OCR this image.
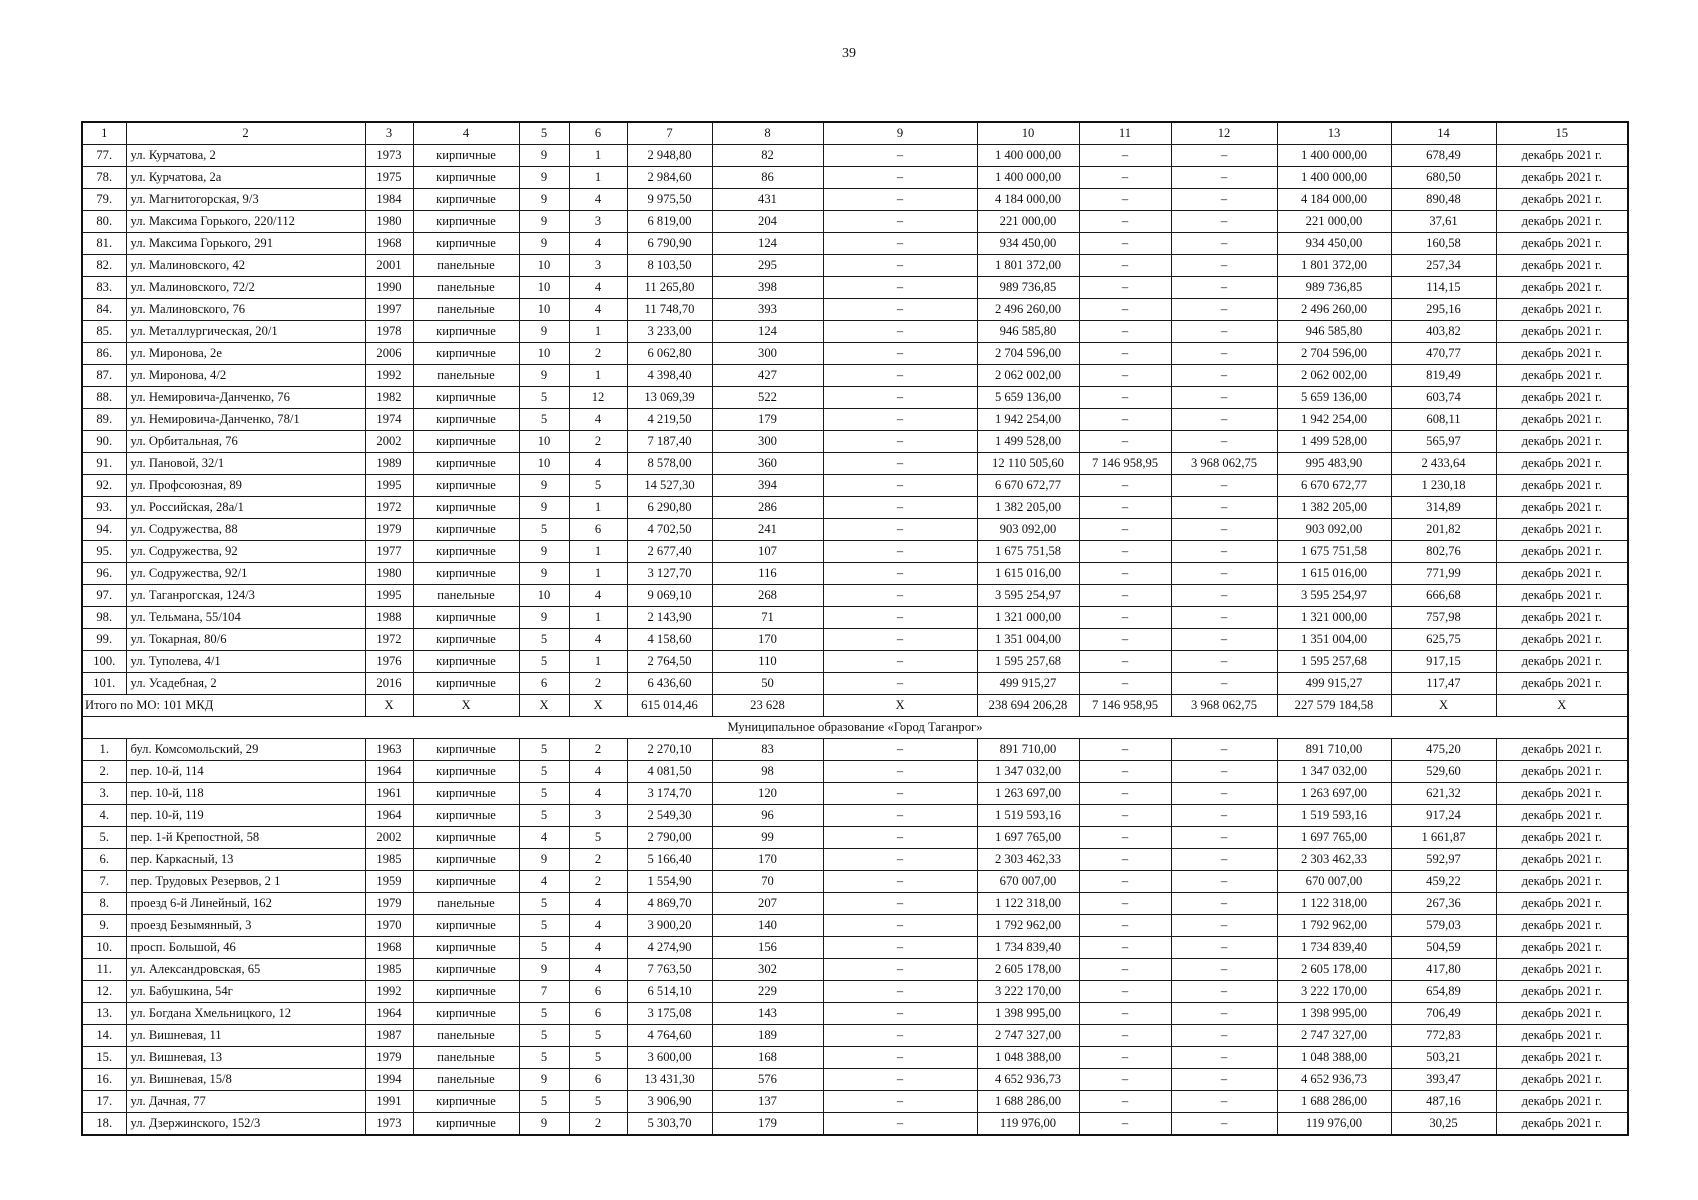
39
1	2	3	4	5	6	7	8	9	10	11	12	13	14	15
77.	ул. Курчатова, 2	1973	кирпичные	9	1	2 948,80	82	–	1 400 000,00	–	–	1 400 000,00	678,49	декабрь 2021 г.
78.	ул. Курчатова, 2а	1975	кирпичные	9	1	2 984,60	86	–	1 400 000,00	–	–	1 400 000,00	680,50	декабрь 2021 г.
79.	ул. Магнитогорская, 9/3	1984	кирпичные	9	4	9 975,50	431	–	4 184 000,00	–	–	4 184 000,00	890,48	декабрь 2021 г.
80.	ул. Максима Горького, 220/112	1980	кирпичные	9	3	6 819,00	204	–	221 000,00	–	–	221 000,00	37,61	декабрь 2021 г.
81.	ул. Максима Горького, 291	1968	кирпичные	9	4	6 790,90	124	–	934 450,00	–	–	934 450,00	160,58	декабрь 2021 г.
82.	ул. Малиновского, 42	2001	панельные	10	3	8 103,50	295	–	1 801 372,00	–	–	1 801 372,00	257,34	декабрь 2021 г.
83.	ул. Малиновского, 72/2	1990	панельные	10	4	11 265,80	398	–	989 736,85	–	–	989 736,85	114,15	декабрь 2021 г.
84.	ул. Малиновского, 76	1997	панельные	10	4	11 748,70	393	–	2 496 260,00	–	–	2 496 260,00	295,16	декабрь 2021 г.
85.	ул. Металлургическая, 20/1	1978	кирпичные	9	1	3 233,00	124	–	946 585,80	–	–	946 585,80	403,82	декабрь 2021 г.
86.	ул. Миронова, 2е	2006	кирпичные	10	2	6 062,80	300	–	2 704 596,00	–	–	2 704 596,00	470,77	декабрь 2021 г.
87.	ул. Миронова, 4/2	1992	панельные	9	1	4 398,40	427	–	2 062 002,00	–	–	2 062 002,00	819,49	декабрь 2021 г.
88.	ул. Немировича-Данченко, 76	1982	кирпичные	5	12	13 069,39	522	–	5 659 136,00	–	–	5 659 136,00	603,74	декабрь 2021 г.
89.	ул. Немировича-Данченко, 78/1	1974	кирпичные	5	4	4 219,50	179	–	1 942 254,00	–	–	1 942 254,00	608,11	декабрь 2021 г.
90.	ул. Орбитальная, 76	2002	кирпичные	10	2	7 187,40	300	–	1 499 528,00	–	–	1 499 528,00	565,97	декабрь 2021 г.
91.	ул. Пановой, 32/1	1989	кирпичные	10	4	8 578,00	360	–	12 110 505,60	7 146 958,95	3 968 062,75	995 483,90	2 433,64	декабрь 2021 г.
92.	ул. Профсоюзная, 89	1995	кирпичные	9	5	14 527,30	394	–	6 670 672,77	–	–	6 670 672,77	1 230,18	декабрь 2021 г.
93.	ул. Российская, 28а/1	1972	кирпичные	9	1	6 290,80	286	–	1 382 205,00	–	–	1 382 205,00	314,89	декабрь 2021 г.
94.	ул. Содружества, 88	1979	кирпичные	5	6	4 702,50	241	–	903 092,00	–	–	903 092,00	201,82	декабрь 2021 г.
95.	ул. Содружества, 92	1977	кирпичные	9	1	2 677,40	107	–	1 675 751,58	–	–	1 675 751,58	802,76	декабрь 2021 г.
96.	ул. Содружества, 92/1	1980	кирпичные	9	1	3 127,70	116	–	1 615 016,00	–	–	1 615 016,00	771,99	декабрь 2021 г.
97.	ул. Таганрогская, 124/3	1995	панельные	10	4	9 069,10	268	–	3 595 254,97	–	–	3 595 254,97	666,68	декабрь 2021 г.
98.	ул. Тельмана, 55/104	1988	кирпичные	9	1	2 143,90	71	–	1 321 000,00	–	–	1 321 000,00	757,98	декабрь 2021 г.
99.	ул. Токарная, 80/6	1972	кирпичные	5	4	4 158,60	170	–	1 351 004,00	–	–	1 351 004,00	625,75	декабрь 2021 г.
100.	ул. Туполева, 4/1	1976	кирпичные	5	1	2 764,50	110	–	1 595 257,68	–	–	1 595 257,68	917,15	декабрь 2021 г.
101.	ул. Усадебная, 2	2016	кирпичные	6	2	6 436,60	50	–	499 915,27	–	–	499 915,27	117,47	декабрь 2021 г.
Итого по МО: 101 МКД		X	X	X	X	615 014,46	23 628	X	238 694 206,28	7 146 958,95	3 968 062,75	227 579 184,58	X	X
Муниципальное образование «Город Таганрог»														
1.	бул. Комсомольский, 29	1963	кирпичные	5	2	2 270,10	83	–	891 710,00	–	–	891 710,00	475,20	декабрь 2021 г.
2.	пер. 10-й, 114	1964	кирпичные	5	4	4 081,50	98	–	1 347 032,00	–	–	1 347 032,00	529,60	декабрь 2021 г.
3.	пер. 10-й, 118	1961	кирпичные	5	4	3 174,70	120	–	1 263 697,00	–	–	1 263 697,00	621,32	декабрь 2021 г.
4.	пер. 10-й, 119	1964	кирпичные	5	3	2 549,30	96	–	1 519 593,16	–	–	1 519 593,16	917,24	декабрь 2021 г.
5.	пер. 1-й Крепостной, 58	2002	кирпичные	4	5	2 790,00	99	–	1 697 765,00	–	–	1 697 765,00	1 661,87	декабрь 2021 г.
6.	пер. Каркасный, 13	1985	кирпичные	9	2	5 166,40	170	–	2 303 462,33	–	–	2 303 462,33	592,97	декабрь 2021 г.
7.	пер. Трудовых Резервов, 2 1	1959	кирпичные	4	2	1 554,90	70	–	670 007,00	–	–	670 007,00	459,22	декабрь 2021 г.
8.	проезд 6-й Линейный, 162	1979	панельные	5	4	4 869,70	207	–	1 122 318,00	–	–	1 122 318,00	267,36	декабрь 2021 г.
9.	проезд Безымянный, 3	1970	кирпичные	5	4	3 900,20	140	–	1 792 962,00	–	–	1 792 962,00	579,03	декабрь 2021 г.
10.	просп. Большой, 46	1968	кирпичные	5	4	4 274,90	156	–	1 734 839,40	–	–	1 734 839,40	504,59	декабрь 2021 г.
11.	ул. Александровская, 65	1985	кирпичные	9	4	7 763,50	302	–	2 605 178,00	–	–	2 605 178,00	417,80	декабрь 2021 г.
12.	ул. Бабушкина, 54г	1992	кирпичные	7	6	6 514,10	229	–	3 222 170,00	–	–	3 222 170,00	654,89	декабрь 2021 г.
13.	ул. Богдана Хмельницкого, 12	1964	кирпичные	5	6	3 175,08	143	–	1 398 995,00	–	–	1 398 995,00	706,49	декабрь 2021 г.
14.	ул. Вишневая, 11	1987	панельные	5	5	4 764,60	189	–	2 747 327,00	–	–	2 747 327,00	772,83	декабрь 2021 г.
15.	ул. Вишневая, 13	1979	панельные	5	5	3 600,00	168	–	1 048 388,00	–	–	1 048 388,00	503,21	декабрь 2021 г.
16.	ул. Вишневая, 15/8	1994	панельные	9	6	13 431,30	576	–	4 652 936,73	–	–	4 652 936,73	393,47	декабрь 2021 г.
17.	ул. Дачная, 77	1991	кирпичные	5	5	3 906,90	137	–	1 688 286,00	–	–	1 688 286,00	487,16	декабрь 2021 г.
18.	ул. Дзержинского, 152/3	1973	кирпичные	9	2	5 303,70	179	–	119 976,00	–	–	119 976,00	30,25	декабрь 2021 г.
